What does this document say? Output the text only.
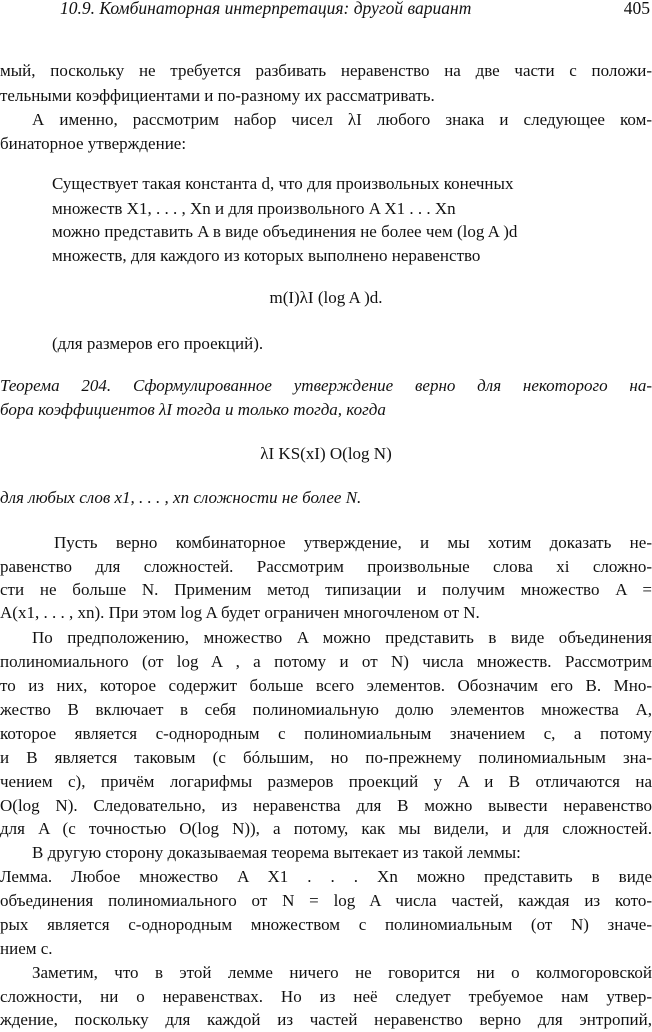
10.9. Комбинаторная интерпретация: другой вариант	405
мый, поскольку не требуется разбивать неравенство на две части с положи-
тельными коэффициентами и по-разному их рассматривать.
А именно, рассмотрим набор чисел λI любого знака и следующее ком-
бинаторное утверждение:
Существует такая константа d, что для произвольных конечных
множеств X1, . . . , Xn и для произвольного A X1 . . . Xn
можно представить A в виде объединения не более чем (log A )d
множеств, для каждого из которых выполнено неравенство
m(I)λI (log A )d.
(для размеров его проекций).
Теорема 204. Сформулированное утверждение верно для некоторого на-
бора коэффициентов λI тогда и только тогда, когда
λI KS(xI) O(log N)
для любых слов x1, . . . , xn сложности не более N.
Пусть верно комбинаторное утверждение, и мы хотим доказать не-
равенство для сложностей. Рассмотрим произвольные слова xi сложно-
сти не больше N. Применим метод типизации и получим множество A =
A(x1, . . . , xn). При этом log A будет ограничен многочленом от N.
По предположению, множество A можно представить в виде объединения
полиномиального (от log A , а потому и от N) числа множеств. Рассмотрим
то из них, которое содержит больше всего элементов. Обозначим его B. Мно-
жество B включает в себя полиномиальную долю элементов множества A,
которое является c-однородным с полиномиальным значением c, а потому
и B является таковым (с бóльшим, но по-прежнему полиномиальным зна-
чением c), причём логарифмы размеров проекций у A и B отличаются на
O(log N). Следовательно, из неравенства для B можно вывести неравенство
для A (с точностью O(log N)), а потому, как мы видели, и для сложностей.
В другую сторону доказываемая теорема вытекает из такой леммы:
Лемма. Любое множество A X1 . . . Xn можно представить в виде
объединения полиномиального от N = log A числа частей, каждая из кото-
рых является c-однородным множеством с полиномиальным (от N) значе-
нием c.
Заметим, что в этой лемме ничего не говорится ни о колмогоровской
сложности, ни о неравенствах. Но из неё следует требуемое нам утвер-
ждение, поскольку для каждой из частей неравенство верно для энтропий,
